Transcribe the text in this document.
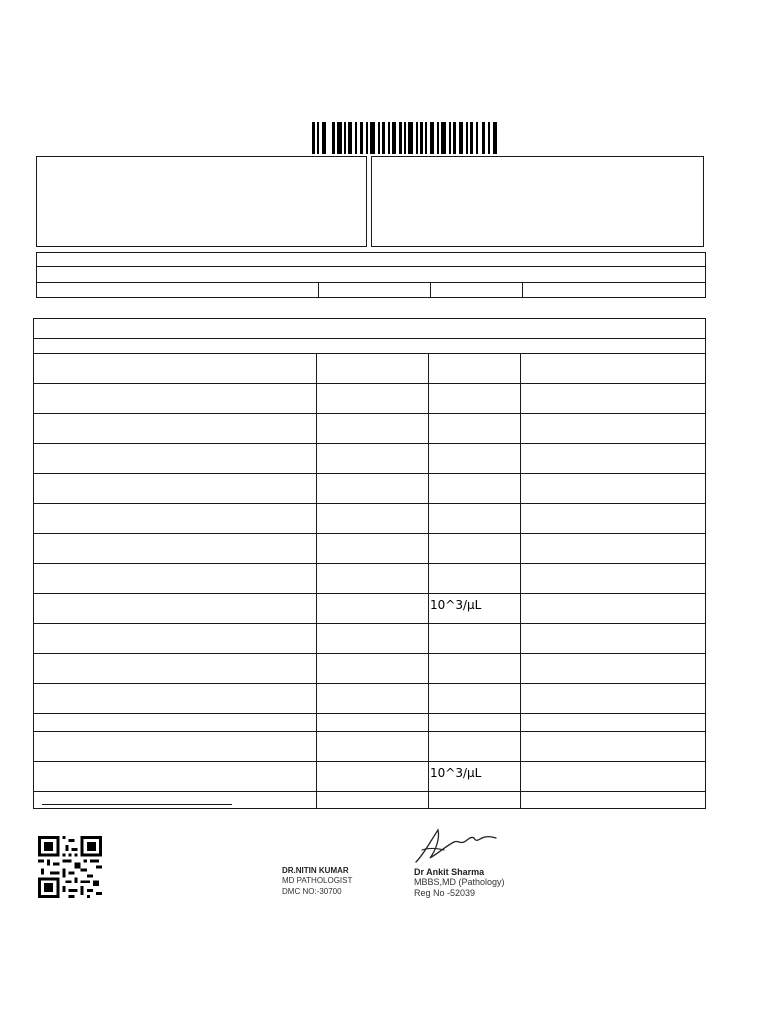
10^3/µL
10^3/µL
DR.NITIN KUMAR
MD PATHOLOGIST
DMC NO:-30700
Dr Ankit Sharma
MBBS,MD (Pathology)
Reg No -52039
